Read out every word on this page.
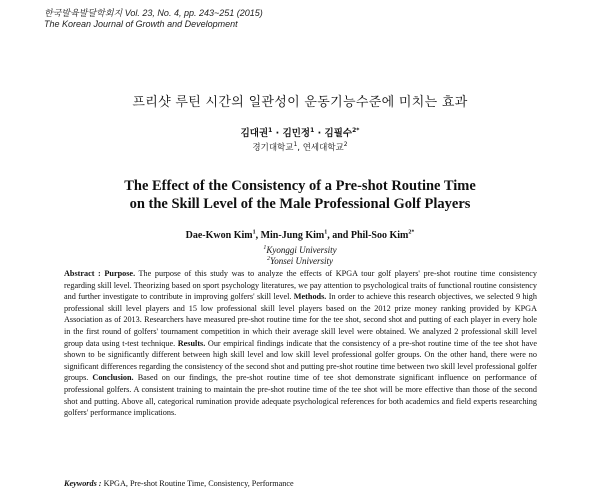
한국발육발달학회지 Vol. 23, No. 4, pp. 243~251 (2015)
The Korean Journal of Growth and Development
프리샷 루틴 시간의 일관성이 운동기능수준에 미치는 효과
김대권$^1$ · 김민정$^1$ · 김필수$^{2*}$
경기대학교$^1$, 연세대학교$^2$
The Effect of the Consistency of a Pre-shot Routine Time
on the Skill Level of the Male Professional Golf Players
Dae-Kwon Kim$^1$, Min-Jung Kim$^1$, and Phil-Soo Kim$^{2*}$
$^1$Kyonggi University
$^2$Yonsei University
Abstract : Purpose. The purpose of this study was to analyze the effects of KPGA tour golf players' pre-shot routine time consistency regarding skill level. Theorizing based on sport psychology literatures, we pay attention to psychological traits of functional routine consistency and further investigate to contribute in improving golfers' skill level. Methods. In order to achieve this research objectives, we selected 9 high professional skill level players and 15 low professional skill level players based on the 2012 prize money ranking provided by KPGA Association as of 2013. Researchers have measured pre-shot routine time for the tee shot, second shot and putting of each player in every hole in the first round of golfers' tournament competition in which their average skill level were obtained. We analyzed 2 professional skill level group data using t-test technique. Results. Our empirical findings indicate that the consistency of a pre-shot routine time of the tee shot have shown to be significantly different between high skill level and low skill level professional golfer groups. On the other hand, there were no significant differences regarding the consistency of the second shot and putting pre-shot routine time between two skill level professional golfer groups. Conclusion. Based on our findings, the pre-shot routine time of tee shot demonstrate significant influence on performance of professional golfers. A consistent training to maintain the pre-shot routine time of the tee shot will be more effective than those of the second shot and putting. Above all, categorical rumination provide adequate psychological references for both academics and field experts researching golfers' performance implications.
Keywords : KPGA, Pre-shot Routine Time, Consistency, Performance
